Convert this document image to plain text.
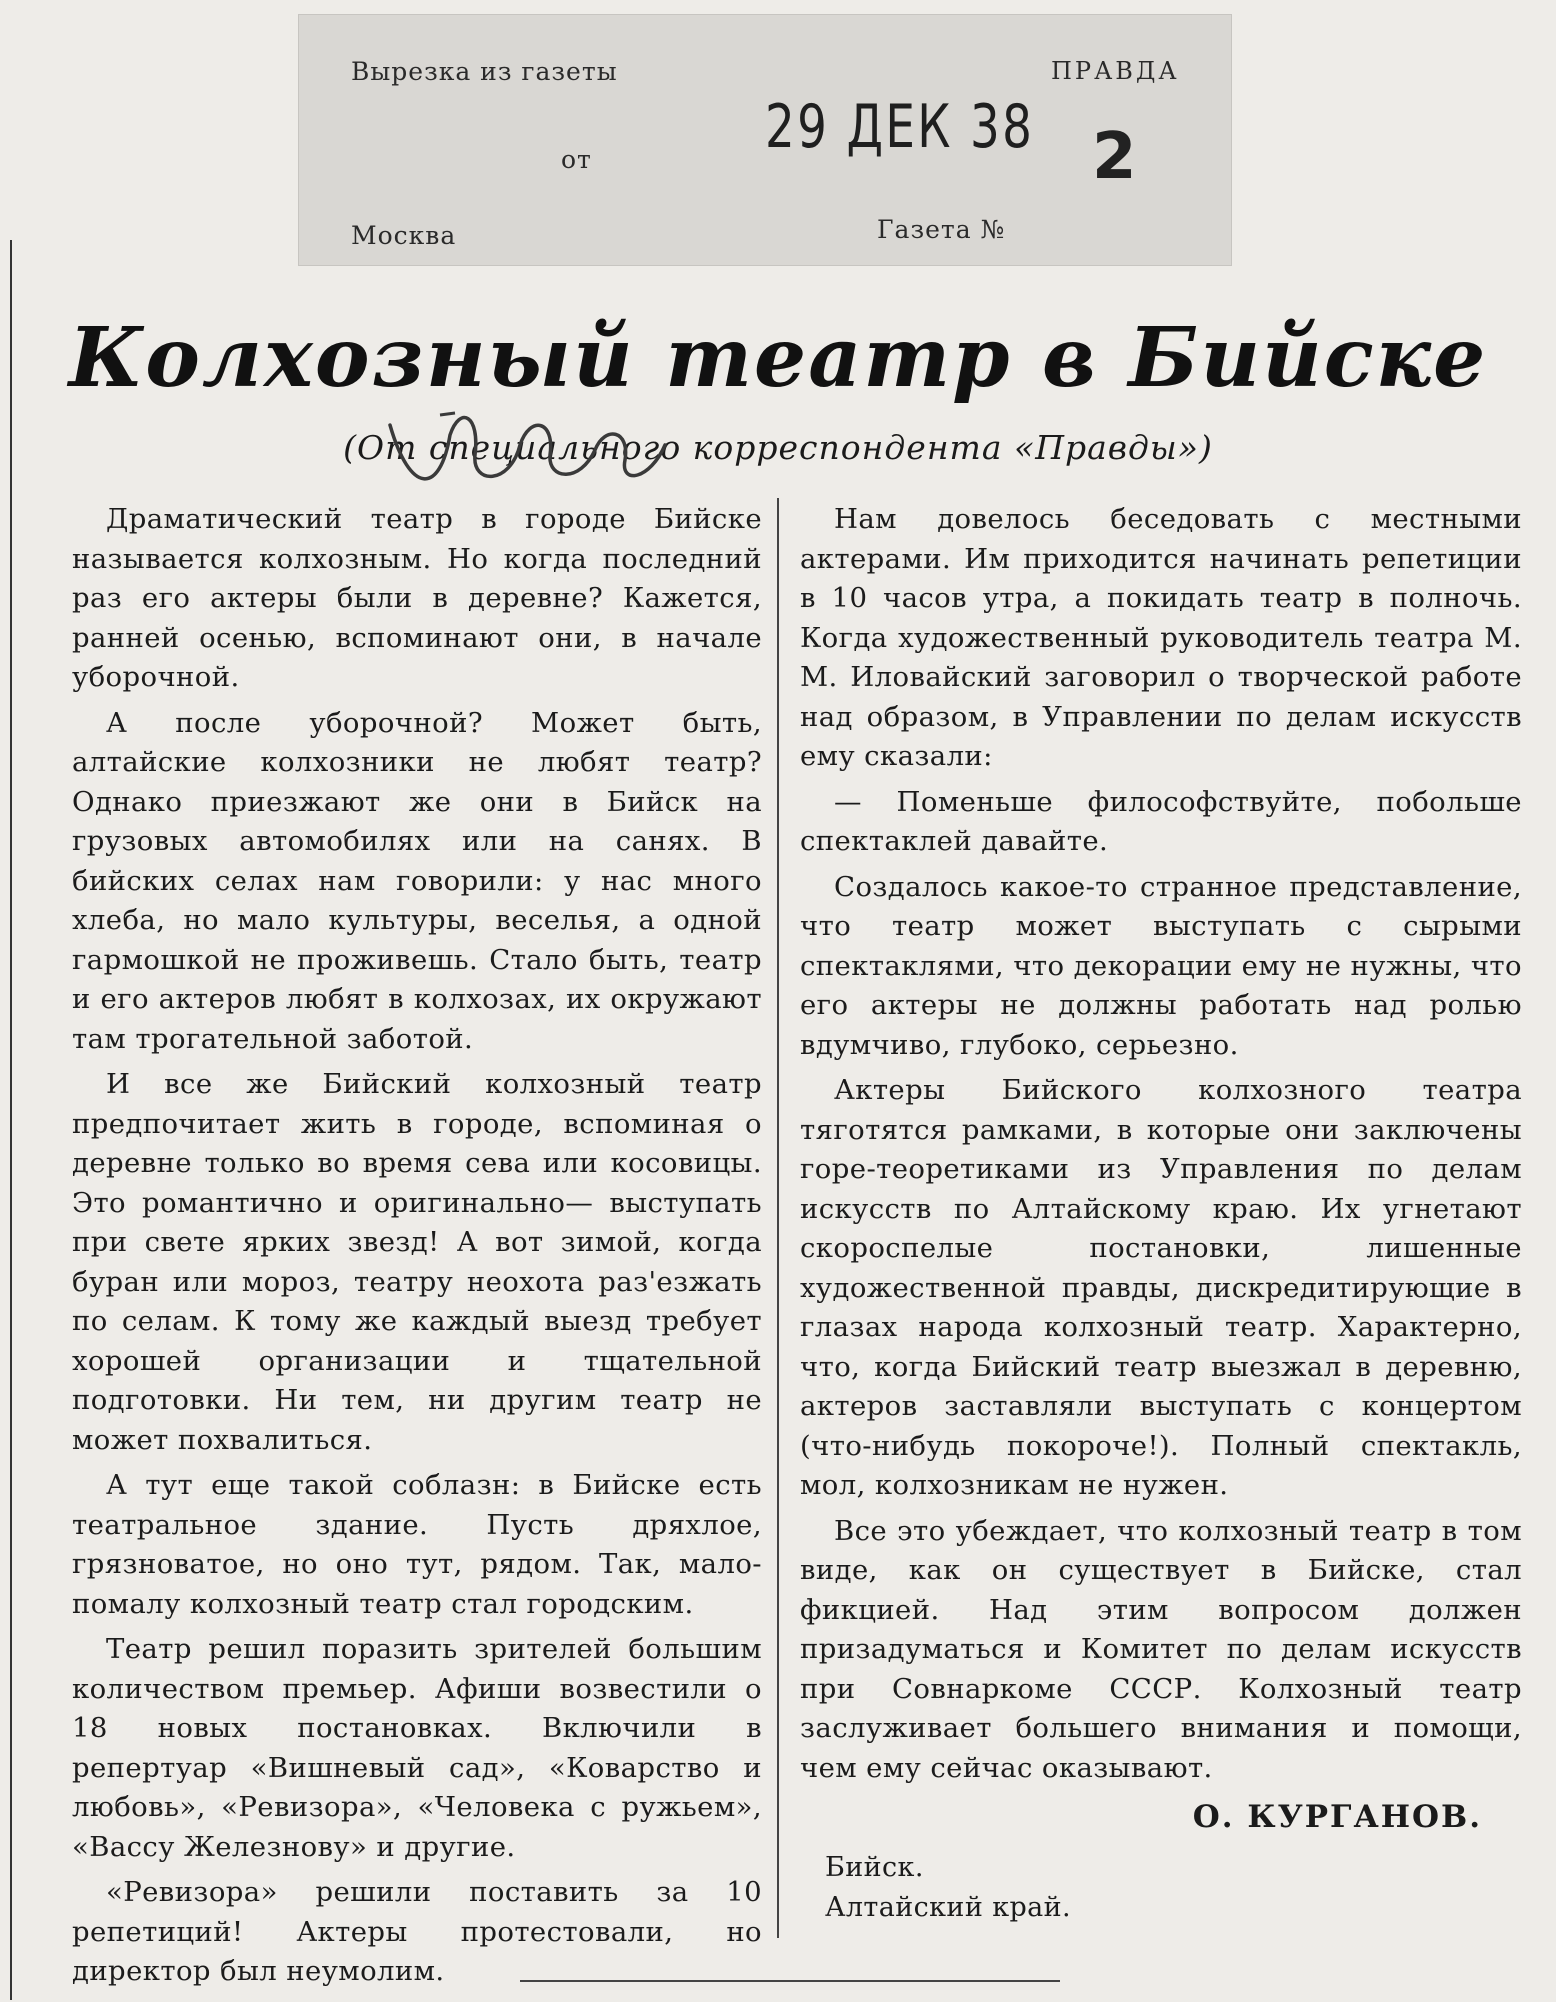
Вырезка из газеты	ПРАВДА
от
Москва	Газета №
29 ДЕК 38 2
Колхозный театр в Бийске
(От специального корреспондента «Правды»)

Драматический театр в городе Бийске называется колхозным. Но когда последний раз его актеры были в деревне? Кажется, ранней осенью, вспоминают они, в начале уборочной.

А после уборочной? Может быть, алтайские колхозники не любят театр? Однако приезжают же они в Бийск на грузовых автомобилях или на санях. В бийских селах нам говорили: у нас много хлеба, но мало культуры, веселья, а одной гармошкой не проживешь. Стало быть, театр и его актеров любят в колхозах, их окружают там трогательной заботой.

И все же Бийский колхозный театр предпочитает жить в городе, вспоминая о деревне только во время сева или косовицы. Это романтично и оригинально— выступать при свете ярких звезд! А вот зимой, когда буран или мороз, театру неохота раз'езжать по селам. К тому же каждый выезд требует хорошей организации и тщательной подготовки. Ни тем, ни другим театр не может похвалиться.

А тут еще такой соблазн: в Бийске есть театральное здание. Пусть дряхлое, грязноватое, но оно тут, рядом. Так, мало-помалу колхозный театр стал городским.

Театр решил поразить зрителей большим количеством премьер. Афиши возвестили о 18 новых постановках. Включили в репертуар «Вишневый сад», «Коварство и любовь», «Ревизора», «Человека с ружьем», «Вассу Железнову» и другие.

«Ревизора» решили поставить за 10 репетиций! Актеры протестовали, но директор был неумолим.

Нам довелось беседовать с местными актерами. Им приходится начинать репетиции в 10 часов утра, а покидать театр в полночь. Когда художественный руководитель театра М. М. Иловайский заговорил о творческой работе над образом, в Управлении по делам искусств ему сказали:

— Поменьше философствуйте, побольше спектаклей давайте.

Создалось какое-то странное представление, что театр может выступать с сырыми спектаклями, что декорации ему не нужны, что его актеры не должны работать над ролью вдумчиво, глубоко, серьезно.

Актеры Бийского колхозного театра тяготятся рамками, в которые они заключены горе-теоретиками из Управления по делам искусств по Алтайскому краю. Их угнетают скороспелые постановки, лишенные художественной правды, дискредитирующие в глазах народа колхозный театр. Характерно, что, когда Бийский театр выезжал в деревню, актеров заставляли выступать с концертом (что-нибудь покороче!). Полный спектакль, мол, колхозникам не нужен.

Все это убеждает, что колхозный театр в том виде, как он существует в Бийске, стал фикцией. Над этим вопросом должен призадуматься и Комитет по делам искусств при Совнаркоме СССР. Колхозный театр заслуживает большего внимания и помощи, чем ему сейчас оказывают.

О. КУРГАНОВ.
Бийск.
Алтайский край.
